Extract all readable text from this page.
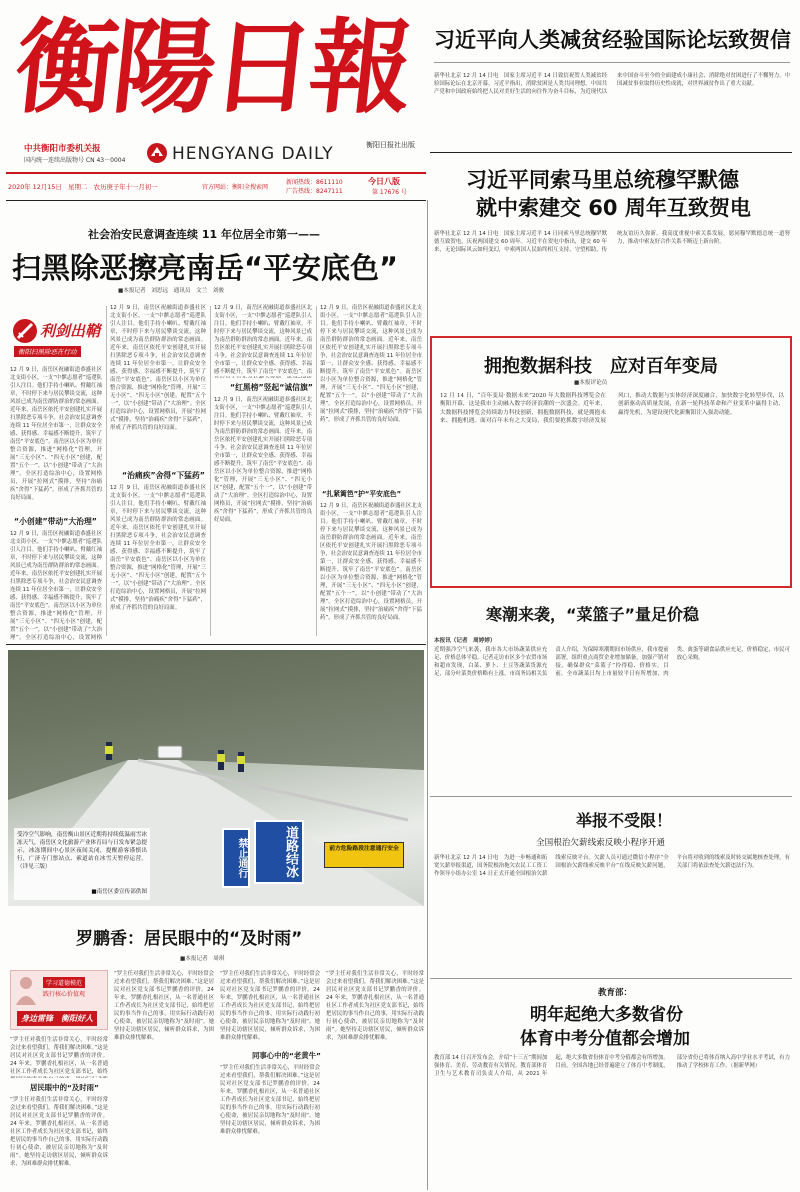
衡陽日報
中共衡阳市委机关报
国内统一连续出版物号 CN 43－0004	HENGYANG DAILY	衡阳日报社出版
2020年 12月15日　星期二　农历庚子年十一月初一	官方网站：衡阳全搜索网
新闻热线：8611110
广告热线：8247111
今日八版
第 17676 号
习近平向人类减贫经验国际论坛致贺信
新华社北京 12 月 14 日电　国家主席习近平 14 日致信祝贺人类减贫经验国际论坛在北京开幕。习近平指出，消除贫困是人类共同理想。中国共产党和中国政府始终把人民对美好生活的向往作为奋斗目标，为近现代以来中国奋斗至今的全面建成小康社会、消除绝对贫困进行了不懈努力。中国减贫事业取得历史性成就，对世界减贫作出了重大贡献。
习近平同索马里总统穆罕默德
就中索建交 60 周年互致贺电
新华社北京 12 月 14 日电　国家主席习近平 14 日同索马里总统穆罕默德互致贺电，庆祝两国建交 60 周年。习近平在贺电中指出，建交 60 年来，无论国际风云如何变幻，中索两国人民始终相互支持、守望相助，传统友谊历久弥新。我高度重视中索关系发展，愿同穆罕默德总统一道努力，推动中索友好合作关系不断迈上新台阶。
社会治安民意调查连续 11 年位居全市第一——
扫黑除恶擦亮南岳“平安底色”
■本报记者　刘思远　通讯员　文兰　刘骏
利剑出鞘
衡阳扫黑除恶在行动
12 月 9 日，南岳区祝融街道恭盛社区北支街小区，一支“中髌志愿者”巡逻队引人注目。他们手持小喇叭、臂戴红袖章，不时停下来与居民攀谈交流，这种风景已成为南岳群防群治的常态画面。近年来，南岳区依托平安创建扎实开展扫黑除恶专项斗争，社会治安民意调查连续 11 年位居全市第一，让群众安全感、获得感、幸福感不断提升，筑牢了南岳“平安底色”。南岳区以小区为单位整合资源，推进“网格化”管理，开展“三无小区”、“四无小区”创建，配置“五个一”，以“小创建”带动了“大治理”。全区打造综治中心，设置网格员，开展“拉网式”摸排，坚持“治痛疾”舍得“下猛药”，形成了齐抓共管的良好局面。
“小创建”带动“大治理”
12 月 9 日，南岳区祝融街道恭盛社区北支街小区，一支“中髌志愿者”巡逻队引人注目。他们手持小喇叭、臂戴红袖章，不时停下来与居民攀谈交流，这种风景已成为南岳群防群治的常态画面。近年来，南岳区依托平安创建扎实开展扫黑除恶专项斗争，社会治安民意调查连续 11 年位居全市第一，让群众安全感、获得感、幸福感不断提升，筑牢了南岳“平安底色”。南岳区以小区为单位整合资源，推进“网格化”管理，开展“三无小区”、“四无小区”创建，配置“五个一”，以“小创建”带动了“大治理”。全区打造综治中心，设置网格
12 月 9 日，南岳区祝融街道恭盛社区北支街小区，一支“中髌志愿者”巡逻队引人注目。他们手持小喇叭、臂戴红袖章，不时停下来与居民攀谈交流，这种风景已成为南岳群防群治的常态画面。近年来，南岳区依托平安创建扎实开展扫黑除恶专项斗争，社会治安民意调查连续 11 年位居全市第一，让群众安全感、获得感、幸福感不断提升，筑牢了南岳“平安底色”。南岳区以小区为单位整合资源，推进“网格化”管理，开展“三无小区”、“四无小区”创建，配置“五个一”，以“小创建”带动了“大治理”。全区打造综治中心，设置网格员，开展“拉网式”摸排，坚持“治痛疾”舍得“下猛药”，形成了齐抓共管的良好局面。
“治痛疾”舍得“下猛药”
12 月 9 日，南岳区祝融街道恭盛社区北支街小区，一支“中髌志愿者”巡逻队引人注目。他们手持小喇叭、臂戴红袖章，不时停下来与居民攀谈交流，这种风景已成为南岳群防群治的常态画面。近年来，南岳区依托平安创建扎实开展扫黑除恶专项斗争，社会治安民意调查连续 11 年位居全市第一，让群众安全感、获得感、幸福感不断提升，筑牢了南岳“平安底色”。南岳区以小区为单位整合资源，推进“网格化”管理，开展“三无小区”、“四无小区”创建，配置“五个一”，以“小创建”带动了“大治理”。全区打造综治中心，设置网格员，开展“拉网式”摸排，坚持“治痛疾”舍得“下猛药”，形成了齐抓共管的良好局面。
12 月 9 日，南岳区祝融街道恭盛社区北支街小区，一支“中髌志愿者”巡逻队引人注目。他们手持小喇叭、臂戴红袖章，不时停下来与居民攀谈交流，这种风景已成为南岳群防群治的常态画面。近年来，南岳区依托平安创建扎实开展扫黑除恶专项斗争，社会治安民意调查连续 11 年位居全市第一，让群众安全感、获得感、幸福感不断提升，筑牢了南岳“平安底色”。南
“红黑榜”竖起“诚信旗”
12 月 9 日，南岳区祝融街道恭盛社区北支街小区，一支“中髌志愿者”巡逻队引人注目。他们手持小喇叭、臂戴红袖章，不时停下来与居民攀谈交流，这种风景已成为南岳群防群治的常态画面。近年来，南岳区依托平安创建扎实开展扫黑除恶专项斗争，社会治安民意调查连续 11 年位居全市第一，让群众安全感、获得感、幸福感不断提升，筑牢了南岳“平安底色”。南岳区以小区为单位整合资源，推进“网格化”管理，开展“三无小区”、“四无小区”创建，配置“五个一”，以“小创建”带动了“大治理”。全区打造综治中心，设置网格员，开展“拉网式”摸排，坚持“治痛疾”舍得“下猛药”，形成了齐抓共管的良好局面。
12 月 9 日，南岳区祝融街道恭盛社区北支街小区，一支“中髌志愿者”巡逻队引人注目。他们手持小喇叭、臂戴红袖章，不时停下来与居民攀谈交流，这种风景已成为南岳群防群治的常态画面。近年来，南岳区依托平安创建扎实开展扫黑除恶专项斗争，社会治安民意调查连续 11 年位居全市第一，让群众安全感、获得感、幸福感不断提升，筑牢了南岳“平安底色”。南岳区以小区为单位整合资源，推进“网格化”管理，开展“三无小区”、“四无小区”创建，配置“五个一”，以“小创建”带动了“大治理”。全区打造综治中心，设置网格员，开展“拉网式”摸排，坚持“治痛疾”舍得“下猛药”，形成了齐抓共管的良好局面。
“扎紧篱笆”护“平安底色”
12 月 9 日，南岳区祝融街道恭盛社区北支街小区，一支“中髌志愿者”巡逻队引人注目。他们手持小喇叭、臂戴红袖章，不时停下来与居民攀谈交流，这种风景已成为南岳群防群治的常态画面。近年来，南岳区依托平安创建扎实开展扫黑除恶专项斗争，社会治安民意调查连续 11 年位居全市第一，让群众安全感、获得感、幸福感不断提升，筑牢了南岳“平安底色”。南岳区以小区为单位整合资源，推进“网格化”管理，开展“三无小区”、“四无小区”创建，配置“五个一”，以“小创建”带动了“大治理”。全区打造综治中心，设置网格员，开展“拉网式”摸排，坚持“治痛疾”舍得“下猛药”，形成了齐抓共管的良好局面。
拥抱数据科技　应对百年变局
■本报评论员
12 月 14 日，“百年变局·数据未来”2020 年大数据科技博览会在衡阳开幕，这是我市主动融入数字经济浪潮的一次盛会。近年来，大数据科技博览会持续助力科技创新，拥抱数据科技，就是拥抱未来、拥抱机遇。面对百年未有之大变局，我们要抢抓数字经济发展风口，推动大数据与实体经济深度融合，加快数字化转型步伐，以创新驱动高质量发展，在新一轮科技革命和产业变革中赢得主动、赢得先机，为建设现代化新衡阳注入强劲动能。
禁止通行	道路结冰	前方危险路段注意通行安全
受冷空气影响，南岳衡山景区近期将持续低温雨雪冰冻天气，南岳区文化旅游产业体育局与日发布紧急提示，冰冻期间中心景区夜间关闭，提醒游客谨慎出行，广济寺门票站点、索道站在冰雪天暂停运营。（详见三版）
■南岳区委宣传部供图
罗鹏香：居民眼中的“及时雨”
■本报记者　周琪
学习道德模范
践行核心价值观
身边雷锋　衡阳好人
“罗主任对我们生活非常关心，平时经常会过来看望我们，帮我们解决困难。”这是居民对社区党支部书记罗鹏香的评价。24 年来，罗鹏香扎根社区，从一名普通社区工作者成长为社区党支部书记，始终
居民眼中的“及时雨”
“罗主任对我们生活非常关心，平时经常会过来看望我们，帮我们解决困难。”这是居民对社区党支部书记罗鹏香的评价。24 年来，罗鹏香扎根社区，从一名普通社区工作者成长为社区党支部书记，始终把居民的事当作自己的事，用实际行动践行初心使命，被居民亲切地称为“及时雨”。她坚持走访辖区居民，倾听群众诉求，为困难群众排忧解难。
“罗主任对我们生活非常关心，平时经常会过来看望我们，帮我们解决困难。”这是居民对社区党支部书记罗鹏香的评价。24 年来，罗鹏香扎根社区，从一名普通社区工作者成长为社区党支部书记，始终把居民的事当作自己的事，用实际行动践行初心使命，被居民亲切地称为“及时雨”。她坚持走访辖区居民，倾听群众诉求，为困难群众排忧解难。
“罗主任对我们生活非常关心，平时经常会过来看望我们，帮我们解决困难。”这是居民对社区党支部书记罗鹏香的评价。24 年来，罗鹏香扎根社区，从一名普通社区工作者成长为社区党支部书记，始终把居民的事当作自己的事，用实际行动践行初心使命，被居民亲切地称为“及时雨”。她坚持走访辖区居民，倾听群众诉求，为困难群众排忧解难。
同事心中的“老黄牛”
“罗主任对我们生活非常关心，平时经常会过来看望我们，帮我们解决困难。”这是居民对社区党支部书记罗鹏香的评价。24 年来，罗鹏香扎根社区，从一名普通社区工作者成长为社区党支部书记，始终把居民的事当作自己的事，用实际行动践行初心使命，被居民亲切地称为“及时雨”。她坚持走访辖区居民，倾听群众诉求，为困难群众排忧解难。
“罗主任对我们生活非常关心，平时经常会过来看望我们，帮我们解决困难。”这是居民对社区党支部书记罗鹏香的评价。24 年来，罗鹏香扎根社区，从一名普通社区工作者成长为社区党支部书记，始终把居民的事当作自己的事，用实际行动践行初心使命，被居民亲切地称为“及时雨”。她坚持走访辖区居民，倾听群众诉求，为困难群众排忧解难。
寒潮来袭，“菜篮子”量足价稳
本报讯（记者　周婷婷）
近期强冷空气来袭，我市各大市场蔬菜供应充足、价格总体平稳。记者走访市区多个农贸市场和超市发现，白菜、萝卜、土豆等蔬菜货源充足，部分叶菜类价格略有上涨。市商务局相关负责人介绍，为保障寒潮期间市场供应，我市提前部署，组织重点商贸企业增加储备，加强产销对接，确保群众“菜篮子”拎得稳、价格实。目前，全市蔬菜日均上市量较平日有所增加，肉类、禽蛋等副食品供应充足，价格稳定，市民可放心采购。
举报不受限！
全国根治欠薪线索反映小程序开通
新华社北京 12 月 14 日电　为进一步畅通和拓宽欠薪举报渠道，国务院根治拖欠农民工工资工作领导小组办公室 14 日正式开通全国根治欠薪线索反映平台。欠薪人员可通过微信小程序“全国根治欠薪线索反映平台”在线反映欠薪问题，平台将对收到的线索及时转交属地核查处理，有关部门将依法查处欠薪违法行为。
教育部：
明年起绝大多数省份
体育中考分值都会增加
教育部 14 日召开发布会，介绍“十三五”期间加强体育、美育、劳动教育有关情况。教育部体育卫生与艺术教育司负责人介绍，从 2021 年起，绝大多数省份体育中考分值都会有所增加。目前，全国各地已经普遍建立了体育中考制度，部分省份已将体育纳入高中学业水平考试，有力推动了学校体育工作。（据新华网）
